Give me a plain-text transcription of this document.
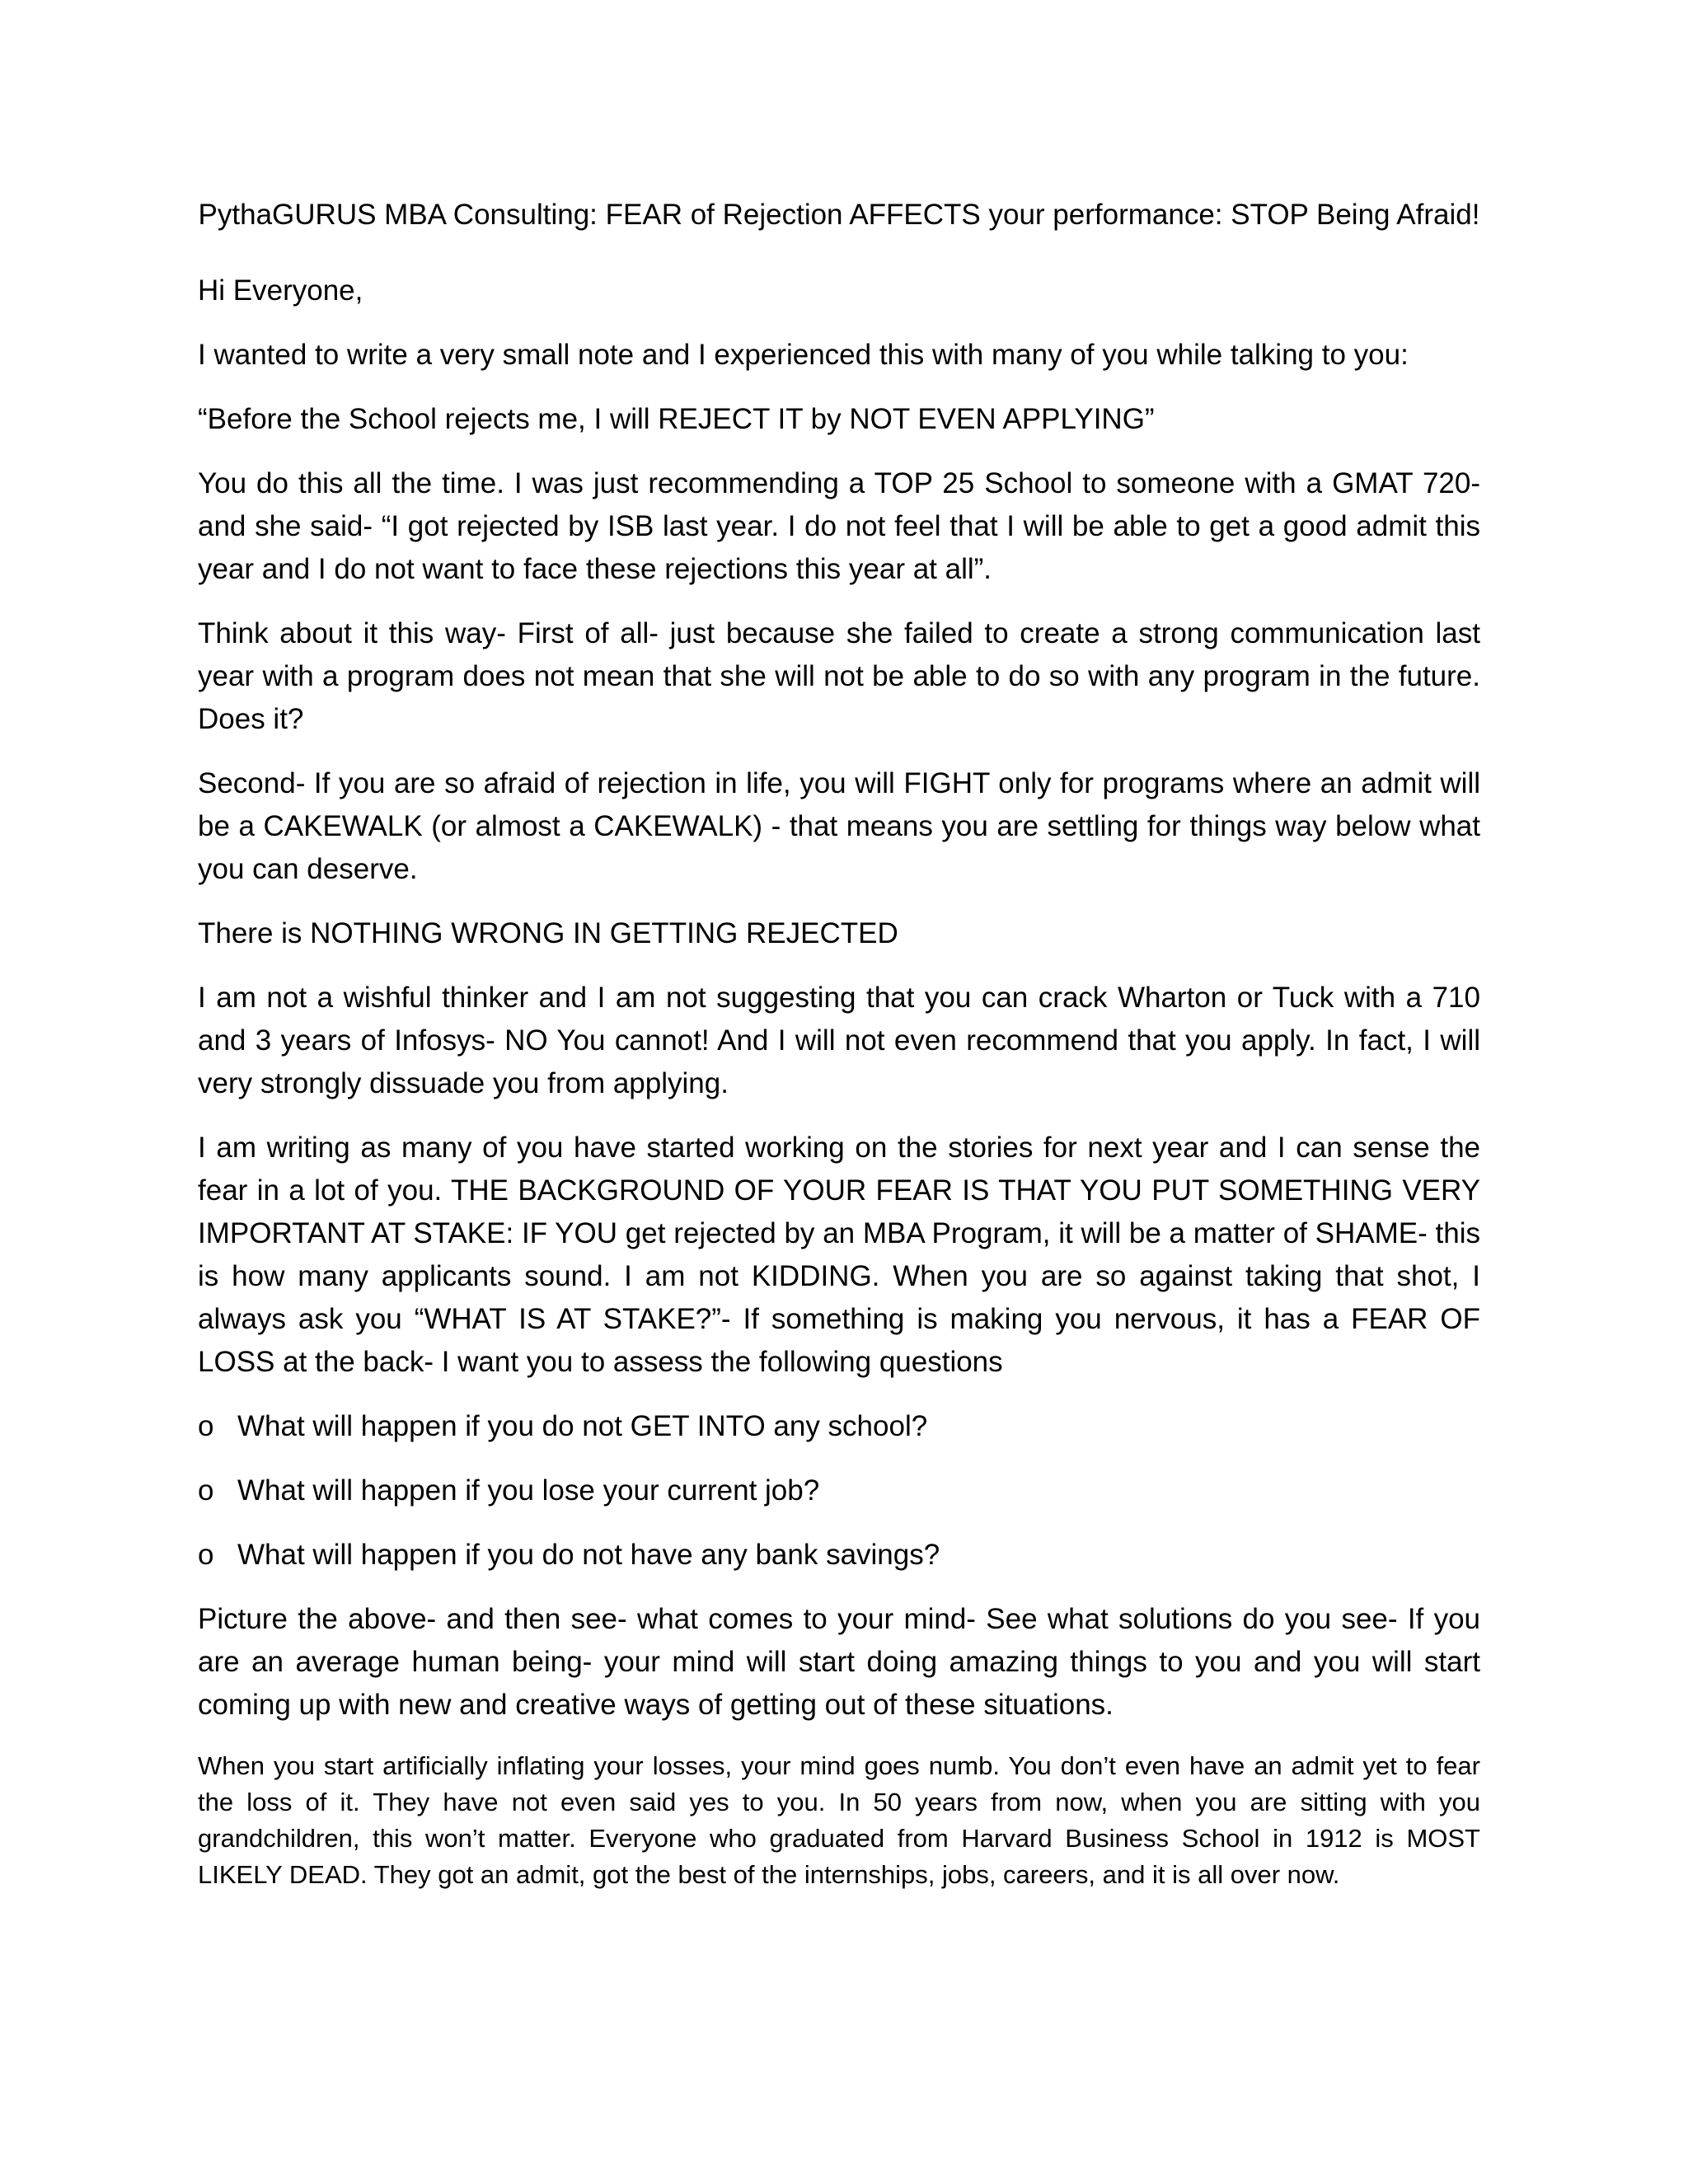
PythaGURUS MBA Consulting: FEAR of Rejection AFFECTS your performance: STOP Being Afraid!

Hi Everyone,

I wanted to write a very small note and I experienced this with many of you while talking to you:

“Before the School rejects me, I will REJECT IT by NOT EVEN APPLYING”

You do this all the time. I was just recommending a TOP 25 School to someone with a GMAT 720- and she said- “I got rejected by ISB last year. I do not feel that I will be able to get a good admit this year and I do not want to face these rejections this year at all”.

Think about it this way- First of all- just because she failed to create a strong communication last year with a program does not mean that she will not be able to do so with any program in the future. Does it?

Second- If you are so afraid of rejection in life, you will FIGHT only for programs where an admit will be a CAKEWALK (or almost a CAKEWALK) - that means you are settling for things way below what you can deserve.

There is NOTHING WRONG IN GETTING REJECTED

I am not a wishful thinker and I am not suggesting that you can crack Wharton or Tuck with a 710 and 3 years of Infosys- NO You cannot! And I will not even recommend that you apply. In fact, I will very strongly dissuade you from applying.

I am writing as many of you have started working on the stories for next year and I can sense the fear in a lot of you. THE BACKGROUND OF YOUR FEAR IS THAT YOU PUT SOMETHING VERY IMPORTANT AT STAKE: IF YOU get rejected by an MBA Program, it will be a matter of SHAME- this is how many applicants sound. I am not KIDDING. When you are so against taking that shot, I always ask you “WHAT IS AT STAKE?”- If something is making you nervous, it has a FEAR OF LOSS at the back- I want you to assess the following questions

o What will happen if you do not GET INTO any school?
o What will happen if you lose your current job?
o What will happen if you do not have any bank savings?

Picture the above- and then see- what comes to your mind- See what solutions do you see- If you are an average human being- your mind will start doing amazing things to you and you will start coming up with new and creative ways of getting out of these situations.

When you start artificially inflating your losses, your mind goes numb. You don’t even have an admit yet to fear the loss of it. They have not even said yes to you. In 50 years from now, when you are sitting with you grandchildren, this won’t matter. Everyone who graduated from Harvard Business School in 1912 is MOST LIKELY DEAD. They got an admit, got the best of the internships, jobs, careers, and it is all over now.
